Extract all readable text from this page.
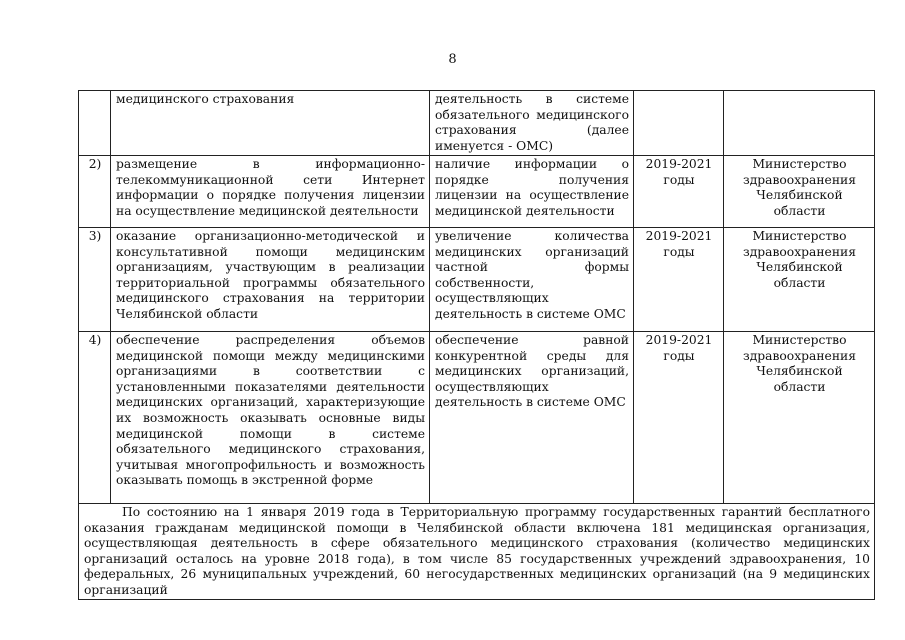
8
	медицинского страхования	деятельность в системе обязательного медицинского страхования (далее именуется - ОМС)		
2)	размещение в информационно-телекоммуникационной сети Интернет информации о порядке получения лицензии на осуществление медицинской деятельности	наличие информации о порядке получения лицензии на осуществление медицинской деятельности	2019-2021 годы	Министерство здравоохранения Челябинской области
3)	оказание организационно-методической и консультативной помощи медицинским организациям, участвующим в реализации территориальной программы обязательного медицинского страхования на территории Челябинской области	увеличение количества медицинских организаций частной формы собственности, осуществляющих деятельность в системе ОМС	2019-2021 годы	Министерство здравоохранения Челябинской области
4)	обеспечение распределения объемов медицинской помощи между медицинскими организациями в соответствии с установленными показателями деятельности медицинских организаций, характеризующие их возможность оказывать основные виды медицинской помощи в системе обязательного медицинского страхования, учитывая многопрофильность и возможность оказывать помощь в экстренной форме	обеспечение равной конкурентной среды для медицинских организаций, осуществляющих деятельность в системе ОМС	2019-2021 годы	Министерство здравоохранения Челябинской области

По состоянию на 1 января 2019 года в Территориальную программу государственных гарантий бесплатного оказания гражданам медицинской помощи в Челябинской области включена 181 медицинская организация, осуществляющая деятельность в сфере обязательного медицинского страхования (количество медицинских организаций осталось на уровне 2018 года), в том числе 85 государственных учреждений здравоохранения, 10 федеральных, 26 муниципальных учреждений, 60 негосударственных медицинских организаций (на 9 медицинских организаций				
